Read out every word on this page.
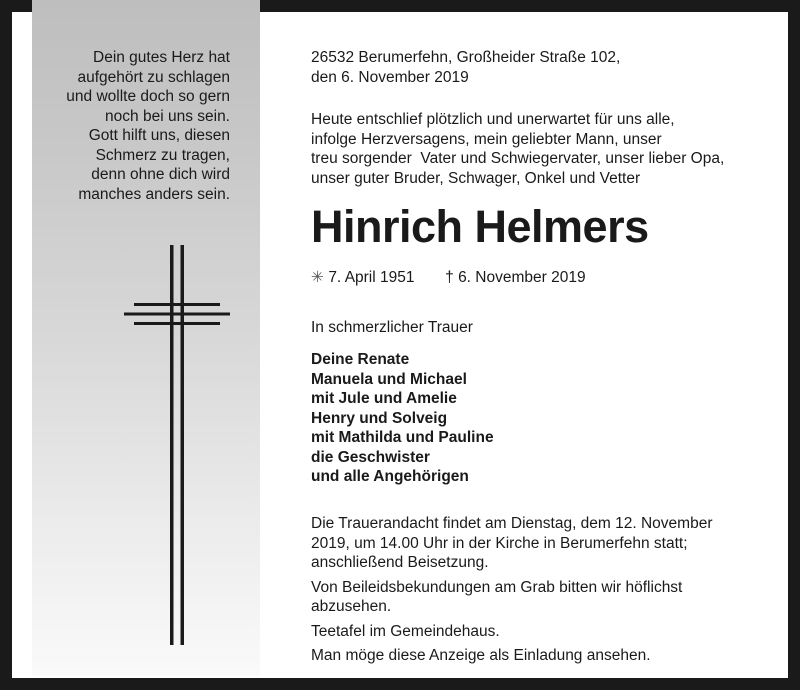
Dein gutes Herz hat
aufgehört zu schlagen
und wollte doch so gern
noch bei uns sein.
Gott hilft uns, diesen
Schmerz zu tragen,
denn ohne dich wird
manches anders sein.
26532 Berumerfehn, Großheider Straße 102,
den 6. November 2019
Heute entschlief plötzlich und unerwartet für uns alle,
infolge Herzversagens, mein geliebter Mann, unser
treu sorgender  Vater und Schwiegervater, unser lieber Opa,
unser guter Bruder, Schwager, Onkel und Vetter
Hinrich Helmers
✳ 7. April 1951 † 6. November 2019
In schmerzlicher Trauer
Deine Renate
Manuela und Michael
mit Jule und Amelie
Henry und Solveig
mit Mathilda und Pauline
die Geschwister
und alle Angehörigen
Die Trauerandacht findet am Dienstag, dem 12. November
2019, um 14.00 Uhr in der Kirche in Berumerfehn statt;
anschließend Beisetzung.
Von Beileidsbekundungen am Grab bitten wir höflichst
abzusehen.
Teetafel im Gemeindehaus.
Man möge diese Anzeige als Einladung ansehen.
